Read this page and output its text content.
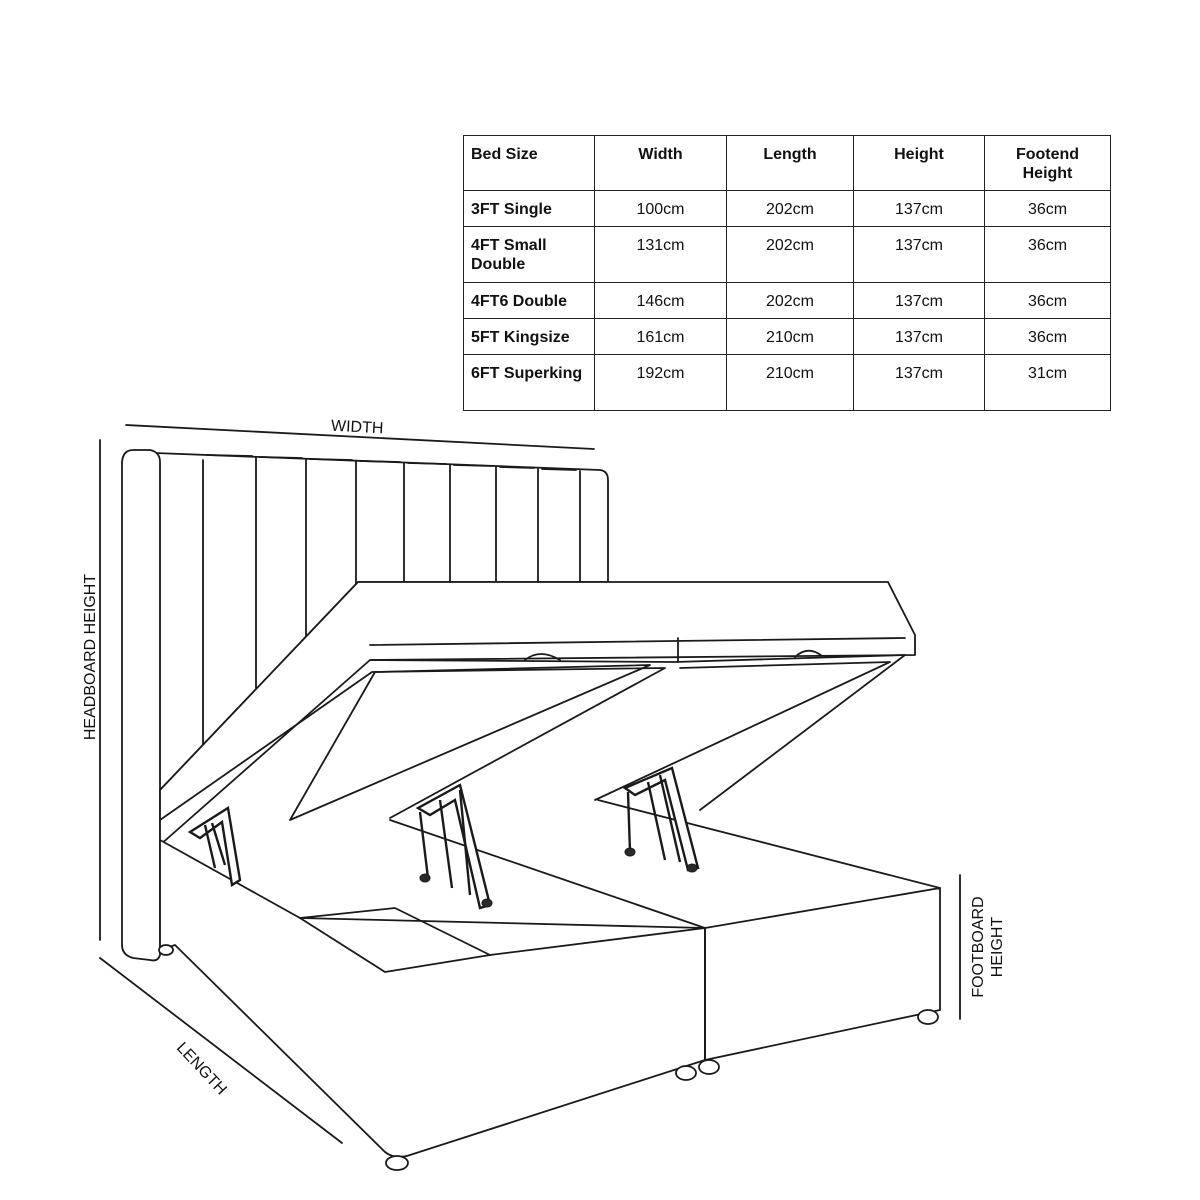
WIDTH
HEADBOARD HEIGHT
LENGTH
FOOTBOARD HEIGHT
Bed Size	Width	Length	Height	Footend Height
3FT Single	100cm	202cm	137cm	36cm
4FT Small Double	131cm	202cm	137cm	36cm
4FT6 Double	146cm	202cm	137cm	36cm
5FT Kingsize	161cm	210cm	137cm	36cm
6FT Superking	192cm	210cm	137cm	31cm
